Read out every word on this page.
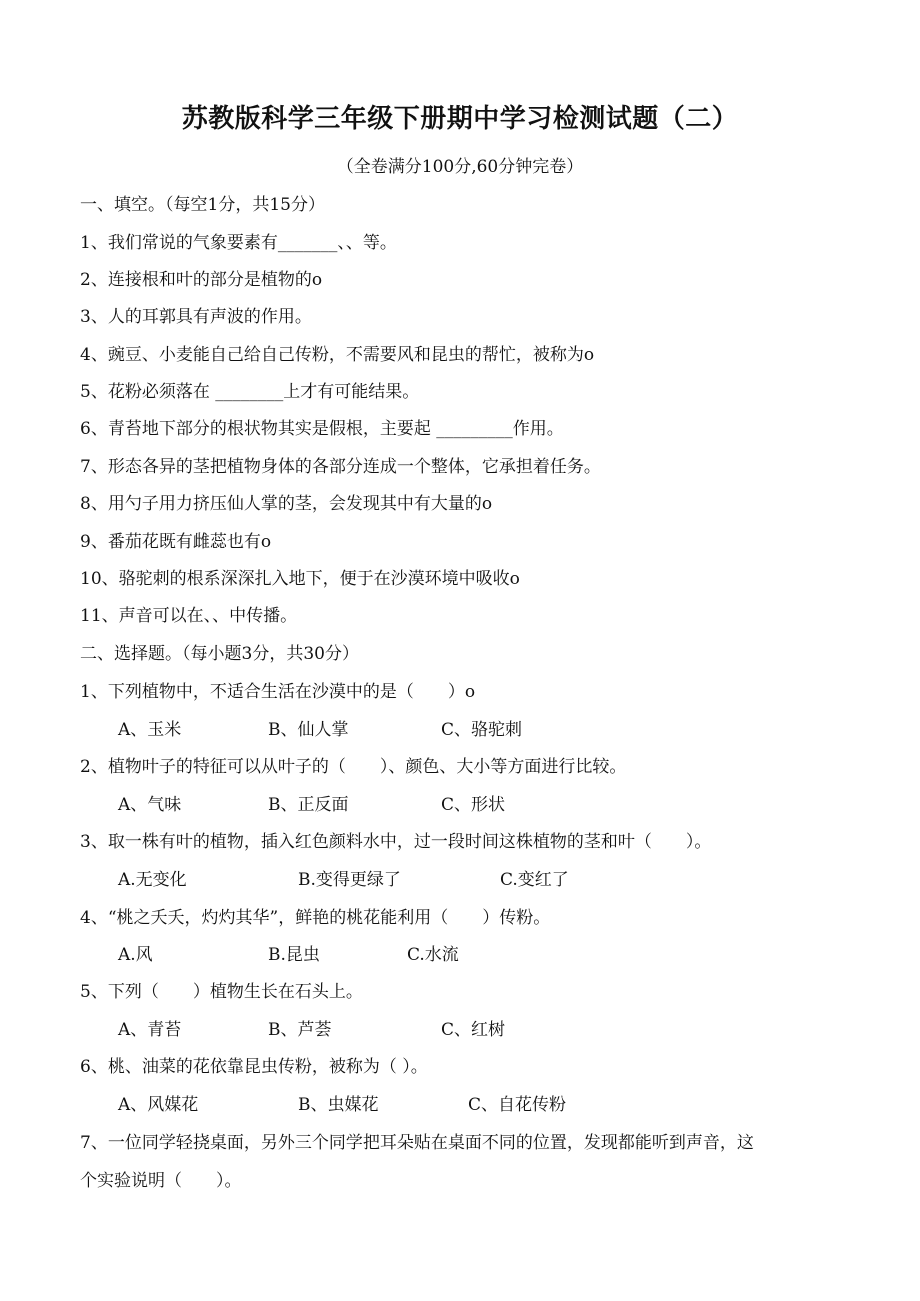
苏教版科学三年级下册期中学习检测试题（二）
（全卷满分100分,60分钟完卷）
一、填空。（每空1分，共15分）
1、我们常说的气象要素有_______、、等。
2、连接根和叶的部分是植物的o
3、人的耳郭具有声波的作用。
4、豌豆、小麦能自己给自己传粉，不需要风和昆虫的帮忙，被称为o
5、花粉必须落在 ________上才有可能结果。
6、青苔地下部分的根状物其实是假根，主要起 _________作用。
7、形态各异的茎把植物身体的各部分连成一个整体，它承担着任务。
8、用勺子用力挤压仙人掌的茎，会发现其中有大量的o
9、番茄花既有雌蕊也有o
10、骆驼刺的根系深深扎入地下，便于在沙漠环境中吸收o
11、声音可以在、、中传播。
二、选择题。（每小题3分，共30分）
1、下列植物中，不适合生活在沙漠中的是（　　）o
A、玉米	B、仙人掌	C、骆驼刺
2、植物叶子的特征可以从叶子的（　　）、颜色、大小等方面进行比较。
A、气味	B、正反面	C、形状
3、取一株有叶的植物，插入红色颜料水中，过一段时间这株植物的茎和叶（　　）。
A.无变化	B.变得更绿了	C.变红了
4、“桃之夭夭，灼灼其华”，鲜艳的桃花能利用（　　）传粉。
A.风	B.昆虫	C.水流
5、下列（　　）植物生长在石头上。
A、青苔	B、芦荟	C、红树
6、桃、油菜的花依靠昆虫传粉，被称为（ ）。
A、风媒花	B、虫媒花	C、自花传粉
7、一位同学轻挠桌面，另外三个同学把耳朵贴在桌面不同的位置，发现都能听到声音，这
个实验说明（　　）。
